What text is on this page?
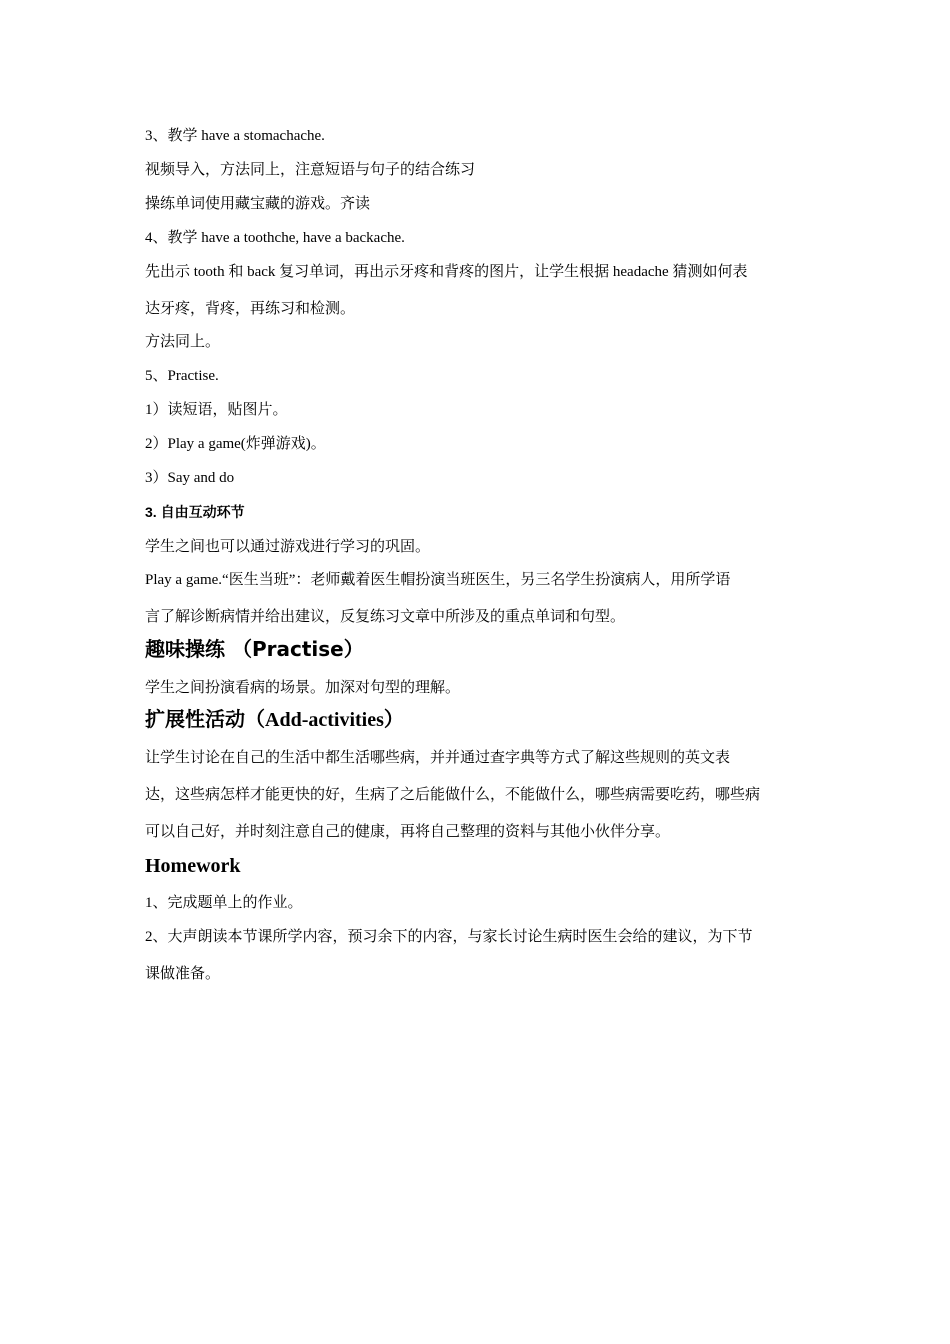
3、教学 have a stomachache.
视频导入，方法同上，注意短语与句子的结合练习
操练单词使用藏宝藏的游戏。齐读
4、教学 have a toothche, have a backache.
先出示 tooth 和 back 复习单词，再出示牙疼和背疼的图片，让学生根据 headache 猜测如何表
达牙疼，背疼，再练习和检测。
方法同上。
5、Practise.
1）读短语，贴图片。
2）Play a game(炸弹游戏)。
3）Say and do
3. 自由互动环节
学生之间也可以通过游戏进行学习的巩固。
Play a game.“医生当班”：老师戴着医生帽扮演当班医生，另三名学生扮演病人，用所学语
言了解诊断病情并给出建议，反复练习文章中所涉及的重点单词和句型。
趣味操练 （Practise）
学生之间扮演看病的场景。加深对句型的理解。
扩展性活动（Add-activities）
让学生讨论在自己的生活中都生活哪些病，并并通过查字典等方式了解这些规则的英文表
达，这些病怎样才能更快的好，生病了之后能做什么，不能做什么，哪些病需要吃药，哪些病
可以自己好，并时刻注意自己的健康，再将自己整理的资料与其他小伙伴分享。
Homework
1、完成题单上的作业。
2、大声朗读本节课所学内容，预习余下的内容，与家长讨论生病时医生会给的建议，为下节
课做准备。
